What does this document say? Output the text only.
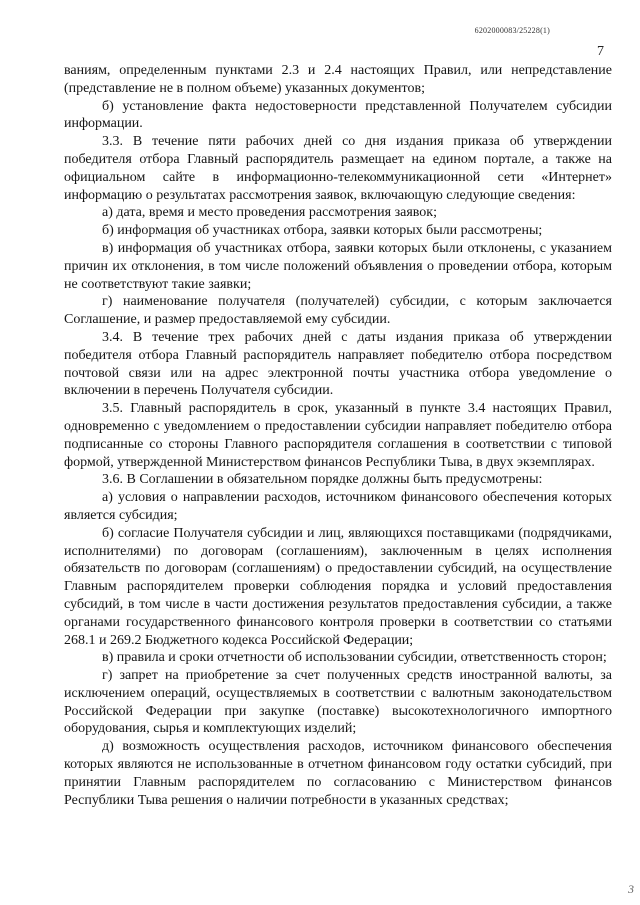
6202000083/25228(1)
7

ваниям, определенным пунктами 2.3 и 2.4 настоящих Правил, или непредставление (представление не в полном объеме) указанных документов;

б) установление факта недостоверности представленной Получателем субсидии информации.

3.3. В течение пяти рабочих дней со дня издания приказа об утверждении победителя отбора Главный распорядитель размещает на едином портале, а также на официальном сайте в информационно-телекоммуникационной сети «Интернет» информацию о результатах рассмотрения заявок, включающую следующие сведения:

а) дата, время и место проведения рассмотрения заявок;

б) информация об участниках отбора, заявки которых были рассмотрены;

в) информация об участниках отбора, заявки которых были отклонены, с указанием причин их отклонения, в том числе положений объявления о проведении отбора, которым не соответствуют такие заявки;

г) наименование получателя (получателей) субсидии, с которым заключается Соглашение, и размер предоставляемой ему субсидии.

3.4. В течение трех рабочих дней с даты издания приказа об утверждении победителя отбора Главный распорядитель направляет победителю отбора посредством почтовой связи или на адрес электронной почты участника отбора уведомление о включении в перечень Получателя субсидии.

3.5. Главный распорядитель в срок, указанный в пункте 3.4 настоящих Правил, одновременно с уведомлением о предоставлении субсидии направляет победителю отбора подписанные со стороны Главного распорядителя соглашения в соответствии с типовой формой, утвержденной Министерством финансов Республики Тыва, в двух экземплярах.

3.6. В Соглашении в обязательном порядке должны быть предусмотрены:

а) условия о направлении расходов, источником финансового обеспечения которых является субсидия;

б) согласие Получателя субсидии и лиц, являющихся поставщиками (подрядчиками, исполнителями) по договорам (соглашениям), заключенным в целях исполнения обязательств по договорам (соглашениям) о предоставлении субсидий, на осуществление Главным распорядителем проверки соблюдения порядка и условий предоставления субсидий, в том числе в части достижения результатов предоставления субсидии, а также органами государственного финансового контроля проверки в соответствии со статьями 268.1 и 269.2 Бюджетного кодекса Российской Федерации;

в) правила и сроки отчетности об использовании субсидии, ответственность сторон;

г) запрет на приобретение за счет полученных средств иностранной валюты, за исключением операций, осуществляемых в соответствии с валютным законодательством Российской Федерации при закупке (поставке) высокотехнологичного импортного оборудования, сырья и комплектующих изделий;

д) возможность осуществления расходов, источником финансового обеспечения которых являются не использованные в отчетном финансовом году остатки субсидий, при принятии Главным распорядителем по согласованию с Министерством финансов Республики Тыва решения о наличии потребности в указанных средствах;

3
